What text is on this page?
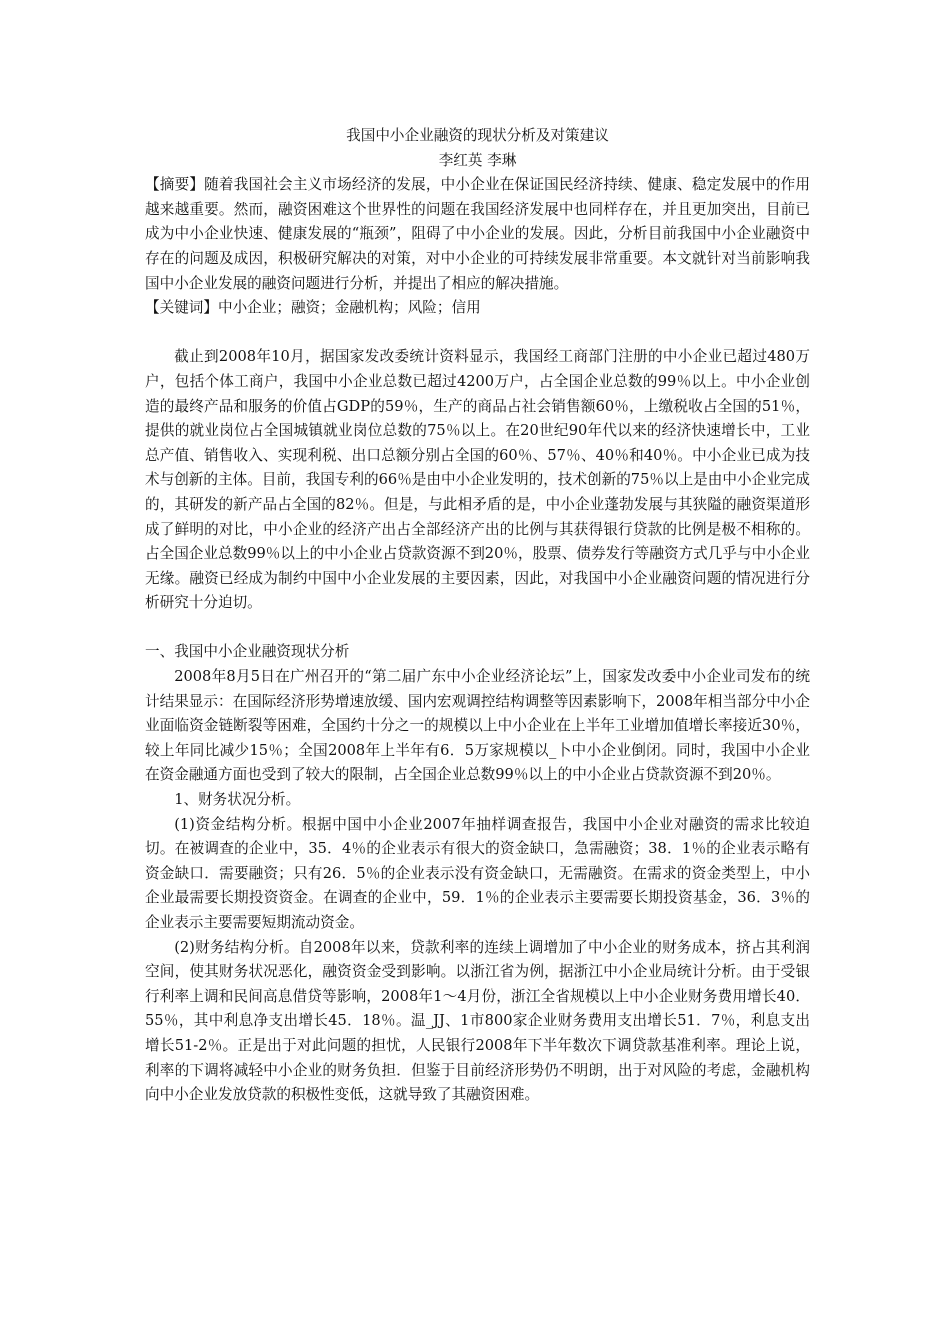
我国中小企业融资的现状分析及对策建议
李红英 李琳

【摘要】随着我国社会主义市场经济的发展，中小企业在保证国民经济持续、健康、稳定发展中的作用越来越重要。然而，融资困难这个世界性的问题在我国经济发展中也同样存在，并且更加突出，目前已成为中小企业快速、健康发展的“瓶颈”，阻碍了中小企业的发展。因此，分析目前我国中小企业融资中存在的问题及成因，积极研究解决的对策，对中小企业的可持续发展非常重要。本文就针对当前影响我国中小企业发展的融资问题进行分析，并提出了相应的解决措施。

【关键词】中小企业；融资；金融机构；风险；信用

截止到2008年10月，据国家发改委统计资料显示，我国经工商部门注册的中小企业已超过480万户，包括个体工商户，我国中小企业总数已超过4200万户，占全国企业总数的99％以上。中小企业创造的最终产品和服务的价值占GDP的59％，生产的商品占社会销售额60％，上缴税收占全国的51％，提供的就业岗位占全国城镇就业岗位总数的75％以上。在20世纪90年代以来的经济快速增长中，工业总产值、销售收入、实现利税、出口总额分别占全国的60％、57％、40％和40％。中小企业已成为技术与创新的主体。目前，我国专利的66％是由中小企业发明的，技术创新的75％以上是由中小企业完成的，其研发的新产品占全国的82％。但是，与此相矛盾的是，中小企业蓬勃发展与其狭隘的融资渠道形成了鲜明的对比，中小企业的经济产出占全部经济产出的比例与其获得银行贷款的比例是极不相称的。占全国企业总数99％以上的中小企业占贷款资源不到20％，股票、债券发行等融资方式几乎与中小企业无缘。融资已经成为制约中国中小企业发展的主要因素，因此，对我国中小企业融资问题的情况进行分析研究十分迫切。

一、我国中小企业融资现状分析

2008年8月5日在广州召开的“第二届广东中小企业经济论坛”上，国家发改委中小企业司发布的统计结果显示：在国际经济形势增速放缓、国内宏观调控结构调整等因素影响下，2008年相当部分中小企业面临资金链断裂等困难，全国约十分之一的规模以上中小企业在上半年工业增加值增长率接近30％，较上年同比减少15％；全国2008年上半年有6．5万家规模以_卜中小企业倒闭。同时，我国中小企业在资金融通方面也受到了较大的限制，占全国企业总数99％以上的中小企业占贷款资源不到20％。

1、财务状况分析。

(1)资金结构分析。根据中国中小企业2007年抽样调查报告，我国中小企业对融资的需求比较迫切。在被调查的企业中，35．4％的企业表示有很大的资金缺口，急需融资；38．1％的企业表示略有资金缺口．需要融资；只有26．5％的企业表示没有资金缺口，无需融资。在需求的资金类型上，中小企业最需要长期投资资金。在调查的企业中，59．1％的企业表示主要需要长期投资基金，36．3％的企业表示主要需要短期流动资金。

(2)财务结构分析。自2008年以来，贷款利率的连续上调增加了中小企业的财务成本，挤占其利润空间，使其财务状况恶化，融资资金受到影响。以浙江省为例，据浙江中小企业局统计分析。由于受银行利率上调和民间高息借贷等影响，2008年1～4月份，浙江全省规模以上中小企业财务费用增长40．55％，其中利息净支出增长45．18％。温_JJ、1市800家企业财务费用支出增长51．7％，利息支出增长51-2％。正是出于对此问题的担忧，人民银行2008年下半年数次下调贷款基准利率。理论上说，利率的下调将减轻中小企业的财务负担．但鉴于目前经济形势仍不明朗，出于对风险的考虑，金融机构向中小企业发放贷款的积极性变低，这就导致了其融资困难。
